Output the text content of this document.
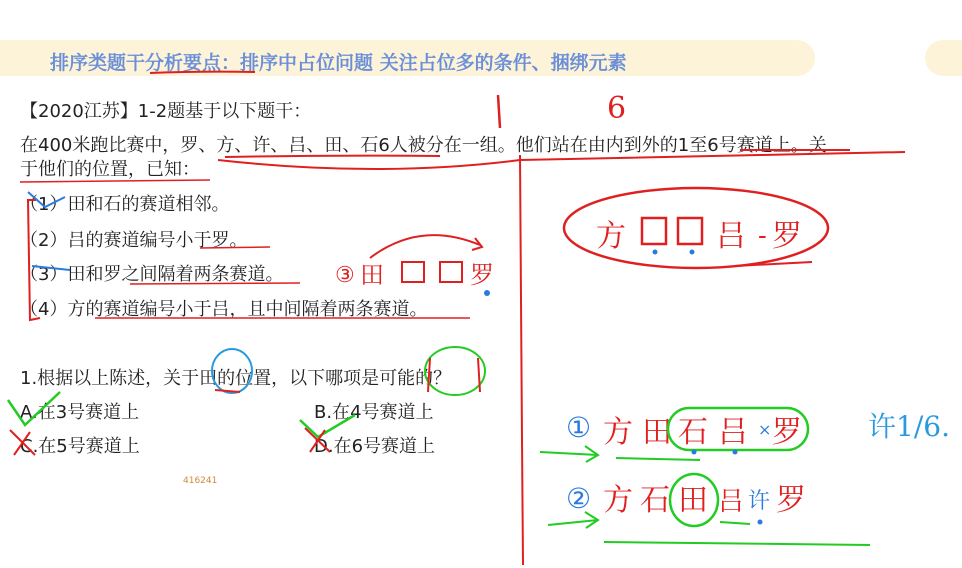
排序类题干分析要点：排序中占位问题 关注占位多的条件、捆绑元素
【2020江苏】1-2题基于以下题干：
在400米跑比赛中，罗、方、许、吕、田、石6人被分在一组。他们站在由内到外的1至6号赛道上。关
于他们的位置，已知：
（1）田和石的赛道相邻。
（2）吕的赛道编号小于罗。
（3）田和罗之间隔着两条赛道。
（4）方的赛道编号小于吕，且中间隔着两条赛道。
1.根据以上陈述，关于田的位置，以下哪项是可能的？
A.在3号赛道上	B.在4号赛道上
C.在5号赛道上	D.在6号赛道上
416241
6
③ 田	罗
方	吕 - 罗
① 方 田 石 吕 × 罗 许1/6.
② 方 石 田 吕 许 罗
